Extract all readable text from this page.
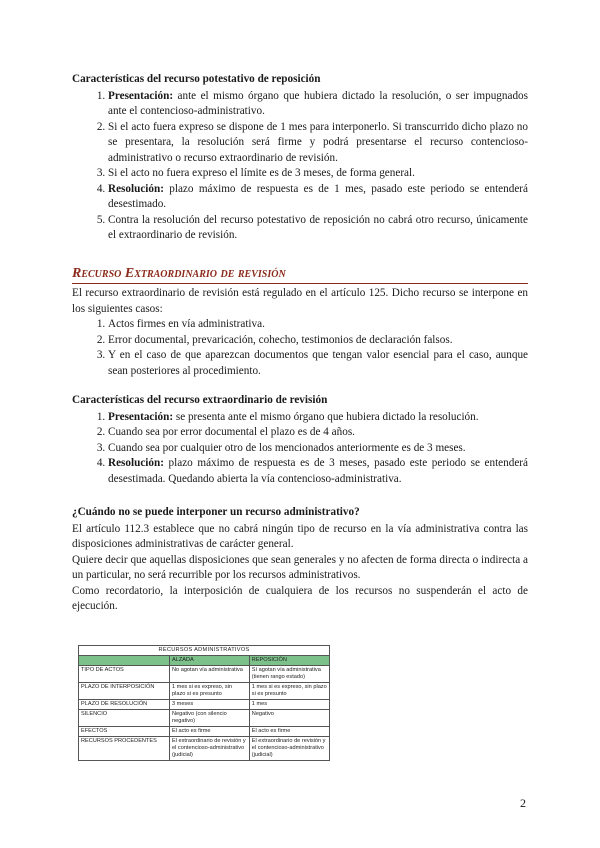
Características del recurso potestativo de reposición
1. Presentación: ante el mismo órgano que hubiera dictado la resolución, o ser impugnados ante el contencioso-administrativo.
2. Si el acto fuera expreso se dispone de 1 mes para interponerlo. Si transcurrido dicho plazo no se presentara, la resolución será firme y podrá presentarse el recurso contencioso-administrativo o recurso extraordinario de revisión.
3. Si el acto no fuera expreso el límite es de 3 meses, de forma general.
4. Resolución: plazo máximo de respuesta es de 1 mes, pasado este periodo se entenderá desestimado.
5. Contra la resolución del recurso potestativo de reposición no cabrá otro recurso, únicamente el extraordinario de revisión.
Recurso Extraordinario de revisión

El recurso extraordinario de revisión está regulado en el artículo 125. Dicho recurso se interpone en los siguientes casos:

1. Actos firmes en vía administrativa.
2. Error documental, prevaricación, cohecho, testimonios de declaración falsos.
3. Y en el caso de que aparezcan documentos que tengan valor esencial para el caso, aunque sean posteriores al procedimiento.
Características del recurso extraordinario de revisión
1. Presentación: se presenta ante el mismo órgano que hubiera dictado la resolución.
2. Cuando sea por error documental el plazo es de 4 años.
3. Cuando sea por cualquier otro de los mencionados anteriormente es de 3 meses.
4. Resolución: plazo máximo de respuesta es de 3 meses, pasado este periodo se entenderá desestimada. Quedando abierta la vía contencioso-administrativa.
¿Cuándo no se puede interponer un recurso administrativo?

El artículo 112.3 establece que no cabrá ningún tipo de recurso en la vía administrativa contra las disposiciones administrativas de carácter general.

Quiere decir que aquellas disposiciones que sean generales y no afecten de forma directa o indirecta a un particular, no será recurrible por los recursos administrativos.

Como recordatorio, la interposición de cualquiera de los recursos no suspenderán el acto de ejecución.

RECURSOS ADMINISTRATIVOS		
	ALZADA	REPOSICIÓN
TIPO DE ACTOS	No agotan vía administrativa	Sí agotan vía administrativa (tienen rango estado)
PLAZO DE INTERPOSICIÓN	1 mes si es expreso, sin plazo si es presunto	1 mes si es expreso, sin plazo si es presunto
PLAZO DE RESOLUCIÓN	3 meses	1 mes
SILENCIO	Negativo (con silencio negativo)	Negativo
EFECTOS	El acto es firme	El acto es firme
RECURSOS PROCEDENTES	El extraordinario de revisión y el contencioso-administrativo (judicial)	El extraordinario de revisión y el contencioso-administrativo (judicial)
2
